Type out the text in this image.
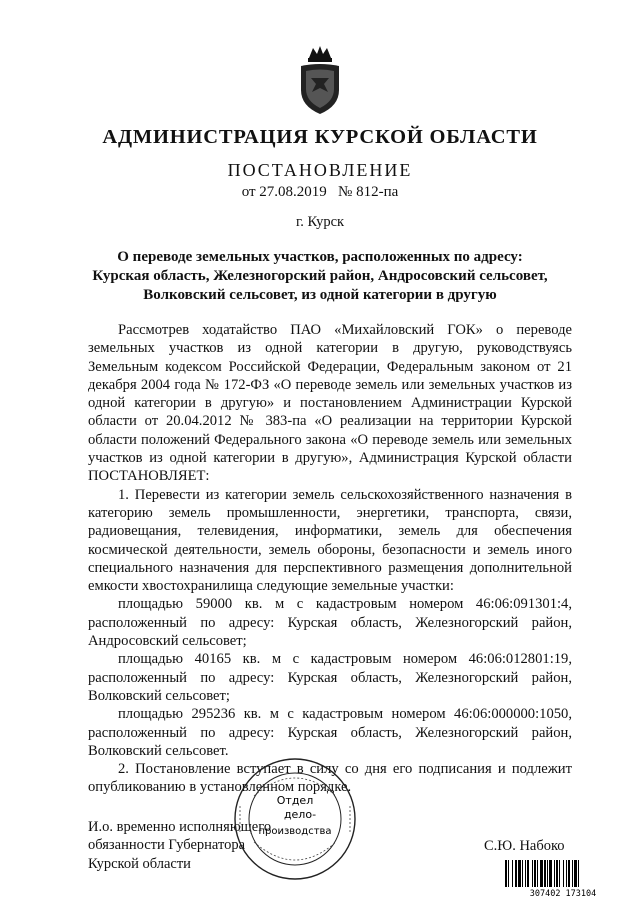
АДМИНИСТРАЦИЯ КУРСКОЙ ОБЛАСТИ
ПОСТАНОВЛЕНИЕ
от 27.08.2019   № 812-па
г. Курск
О переводе земельных участков, расположенных по адресу:
Курская область, Железногорский район, Андросовский сельсовет,
Волковский сельсовет, из одной категории в другую

Рассмотрев ходатайство ПАО «Михайловский ГОК» о переводе земельных участков из одной категории в другую, руководствуясь Земельным кодексом Российской Федерации, Федеральным законом от 21 декабря 2004 года № 172-ФЗ «О переводе земель или земельных участков из одной категории в другую» и постановлением Администрации Курской области от 20.04.2012 № 383-па «О реализации на территории Курской области положений Федерального закона «О переводе земель или земельных участков из одной категории в другую», Администрация Курской области ПОСТАНОВЛЯЕТ:

1. Перевести из категории земель сельскохозяйственного назначения в категорию земель промышленности, энергетики, транспорта, связи, радиовещания, телевидения, информатики, земель для обеспечения космической деятельности, земель обороны, безопасности и земель иного специального назначения для перспективного размещения дополнительной емкости хвостохранилища следующие земельные участки:

площадью 59000 кв. м с кадастровым номером 46:06:091301:4, расположенный по адресу: Курская область, Железногорский район, Андросовский сельсовет;

площадью 40165 кв. м с кадастровым номером 46:06:012801:19, расположенный по адресу: Курская область, Железногорский район, Волковский сельсовет;

площадью 295236 кв. м с кадастровым номером 46:06:000000:1050, расположенный по адресу: Курская область, Железногорский район, Волковский сельсовет.

2. Постановление вступает в силу со дня его подписания и подлежит опубликованию в установленном порядке.

И.о. временно исполняющего
обязанности Губернатора
Курской области
С.Ю. Набоко
Отдел
дело-
производства
307402 173104
